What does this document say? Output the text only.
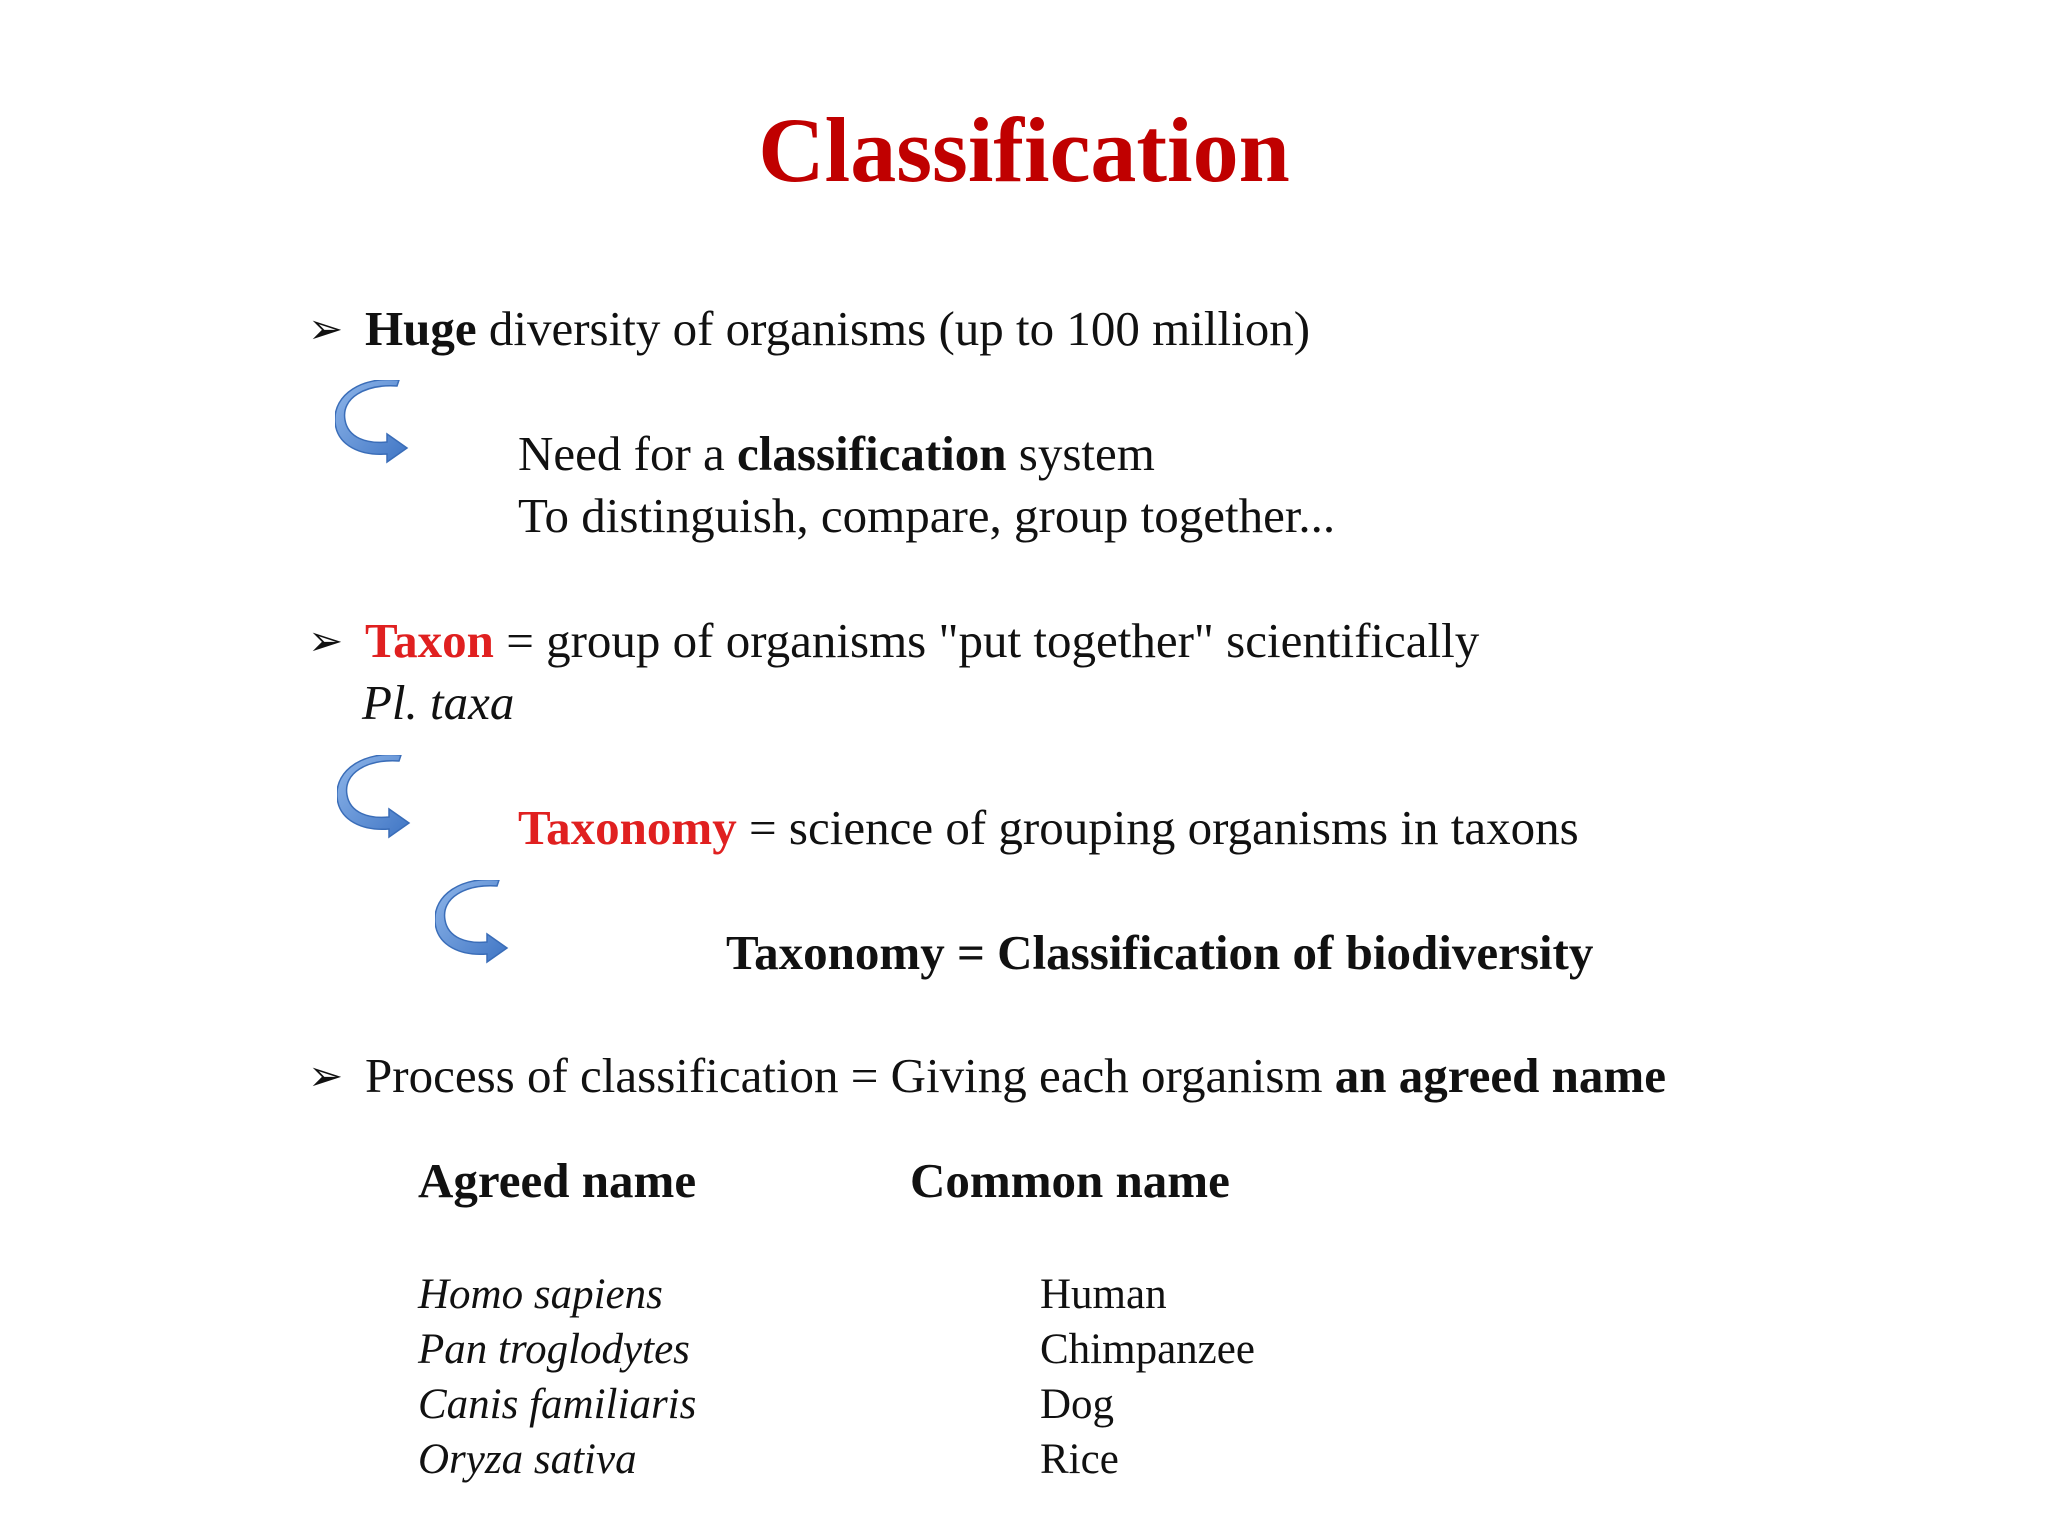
Classification
➢ Huge diversity of organisms (up to 100 million)
Need for a classification system
To distinguish, compare, group together...
➢ Taxon = group of organisms "put together" scientifically
Pl. taxa
Taxonomy = science of grouping organisms in taxons
Taxonomy = Classification of biodiversity
➢ Process of classification = Giving each organism an agreed name
Agreed name	Common name
Homo sapiens	Human
Pan troglodytes	Chimpanzee
Canis familiaris	Dog
Oryza sativa	Rice
